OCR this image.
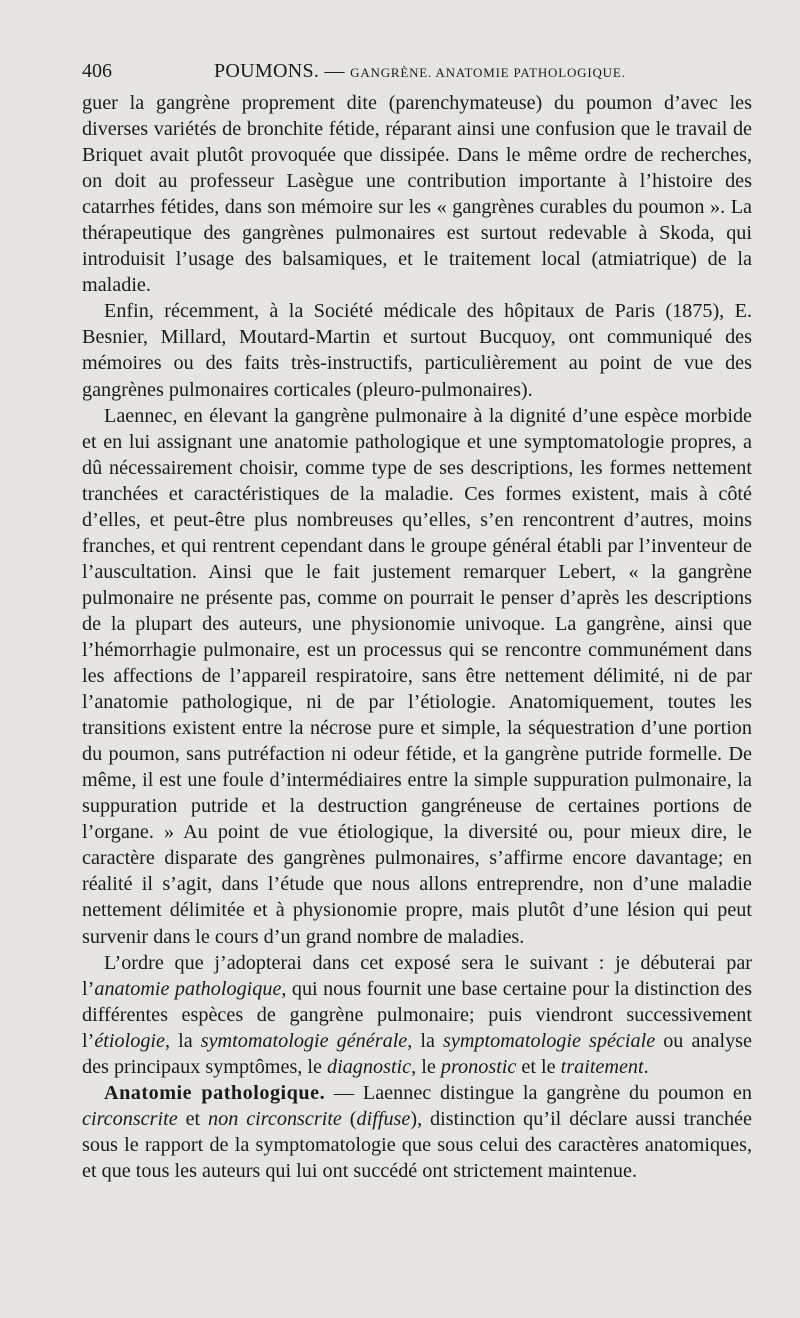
406	POUMONS. — GANGRÈNE. ANATOMIE PATHOLOGIQUE.

guer la gangrène proprement dite (parenchymateuse) du poumon d’avec les diverses variétés de bronchite fétide, réparant ainsi une confusion que le travail de Briquet avait plutôt provoquée que dissipée. Dans le même ordre de recherches, on doit au professeur Lasègue une contribution importante à l’histoire des catarrhes fétides, dans son mémoire sur les « gangrènes curables du poumon ». La thérapeutique des gangrènes pulmonaires est surtout redevable à Skoda, qui introduisit l’usage des balsamiques, et le traitement local (atmiatrique) de la maladie.

Enfin, récemment, à la Société médicale des hôpitaux de Paris (1875), E. Besnier, Millard, Moutard-Martin et surtout Bucquoy, ont communiqué des mémoires ou des faits très-instructifs, particulièrement au point de vue des gangrènes pulmonaires corticales (pleuro-pulmonaires).

Laennec, en élevant la gangrène pulmonaire à la dignité d’une espèce morbide et en lui assignant une anatomie pathologique et une symptomatologie propres, a dû nécessairement choisir, comme type de ses descriptions, les formes nettement tranchées et caractéristiques de la maladie. Ces formes existent, mais à côté d’elles, et peut-être plus nombreuses qu’elles, s’en rencontrent d’autres, moins franches, et qui rentrent cependant dans le groupe général établi par l’inventeur de l’auscultation. Ainsi que le fait justement remarquer Lebert, « la gangrène pulmonaire ne présente pas, comme on pourrait le penser d’après les descriptions de la plupart des auteurs, une physionomie univoque. La gangrène, ainsi que l’hémorrhagie pulmonaire, est un processus qui se rencontre communément dans les affections de l’appareil respiratoire, sans être nettement délimité, ni de par l’anatomie pathologique, ni de par l’étiologie. Anatomiquement, toutes les transitions existent entre la nécrose pure et simple, la séquestration d’une portion du poumon, sans putréfaction ni odeur fétide, et la gangrène putride formelle. De même, il est une foule d’intermédiaires entre la simple suppuration pulmonaire, la suppuration putride et la destruction gangréneuse de certaines portions de l’organe. » Au point de vue étiologique, la diversité ou, pour mieux dire, le caractère disparate des gangrènes pulmonaires, s’affirme encore davantage; en réalité il s’agit, dans l’étude que nous allons entreprendre, non d’une maladie nettement délimitée et à physionomie propre, mais plutôt d’une lésion qui peut survenir dans le cours d’un grand nombre de maladies.

L’ordre que j’adopterai dans cet exposé sera le suivant : je débuterai par l’anatomie pathologique, qui nous fournit une base certaine pour la distinction des différentes espèces de gangrène pulmonaire; puis viendront successivement l’étiologie, la symtomatologie générale, la symptomatologie spéciale ou analyse des principaux symptômes, le diagnostic, le pronostic et le traitement.

Anatomie pathologique. — Laennec distingue la gangrène du poumon en circonscrite et non circonscrite (diffuse), distinction qu’il déclare aussi tranchée sous le rapport de la symptomatologie que sous celui des caractères anatomiques, et que tous les auteurs qui lui ont succédé ont strictement maintenue.
